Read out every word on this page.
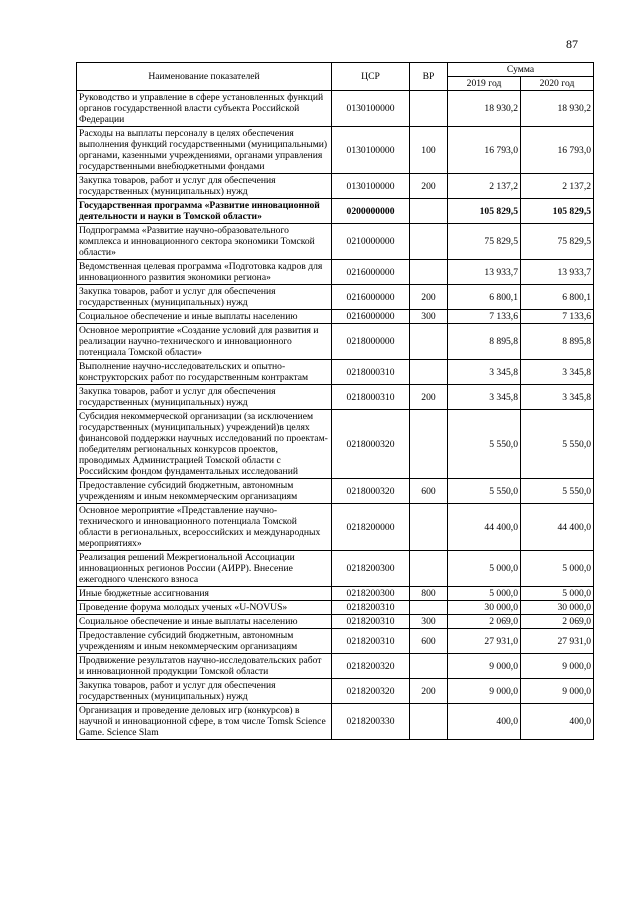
87
Наименование показателей	ЦСР	ВР	Сумма	
			2019 год	2020 год
Руководство и управление в сфере установленных функций органов государственной власти субъекта Российской Федерации	0130100000		18 930,2	18 930,2
Расходы на выплаты персоналу в целях обеспечения выполнения функций государственными (муниципальными) органами, казенными учреждениями, органами управления государственными внебюджетными фондами	0130100000	100	16 793,0	16 793,0
Закупка товаров, работ и услуг для обеспечения государственных (муниципальных) нужд	0130100000	200	2 137,2	2 137,2
Государственная программа «Развитие инновационной деятельности и науки в Томской области»	0200000000		105 829,5	105 829,5
Подпрограмма «Развитие научно-образовательного комплекса и инновационного сектора экономики Томской области»	0210000000		75 829,5	75 829,5
Ведомственная целевая программа «Подготовка кадров для инновационного развития экономики региона»	0216000000		13 933,7	13 933,7
Закупка товаров, работ и услуг для обеспечения государственных (муниципальных) нужд	0216000000	200	6 800,1	6 800,1
Социальное обеспечение и иные выплаты населению	0216000000	300	7 133,6	7 133,6
Основное мероприятие «Создание условий для развития и реализации научно-технического и инновационного потенциала Томской области»	0218000000		8 895,8	8 895,8
Выполнение научно-исследовательских и опытно-конструкторских работ по государственным контрактам	0218000310		3 345,8	3 345,8
Закупка товаров, работ и услуг для обеспечения государственных (муниципальных) нужд	0218000310	200	3 345,8	3 345,8
Субсидия некоммерческой организации (за исключением государственных (муниципальных) учреждений)в целях финансовой поддержки научных исследований по проектам-победителям региональных конкурсов проектов, проводимых Администрацией Томской области с Российским фондом фундаментальных исследований	0218000320		5 550,0	5 550,0
Предоставление субсидий бюджетным, автономным учреждениям и иным некоммерческим организациям	0218000320	600	5 550,0	5 550,0
Основное мероприятие «Представление научно-технического и инновационного потенциала Томской области в региональных, всероссийских и международных мероприятиях»	0218200000		44 400,0	44 400,0
Реализация решений Межрегиональной Ассоциации инновационных регионов России (АИРР). Внесение ежегодного членского взноса	0218200300		5 000,0	5 000,0
Иные бюджетные ассигнования	0218200300	800	5 000,0	5 000,0
Проведение форума молодых ученых «U-NOVUS»	0218200310		30 000,0	30 000,0
Социальное обеспечение и иные выплаты населению	0218200310	300	2 069,0	2 069,0
Предоставление субсидий бюджетным, автономным учреждениям и иным некоммерческим организациям	0218200310	600	27 931,0	27 931,0
Продвижение результатов научно-исследовательских работ и инновационной продукции Томской области	0218200320		9 000,0	9 000,0
Закупка товаров, работ и услуг для обеспечения государственных (муниципальных) нужд	0218200320	200	9 000,0	9 000,0
Организация и проведение деловых игр (конкурсов) в научной и инновационной сфере, в том числе Tomsk Science Game. Science Slam	0218200330		400,0	400,0
